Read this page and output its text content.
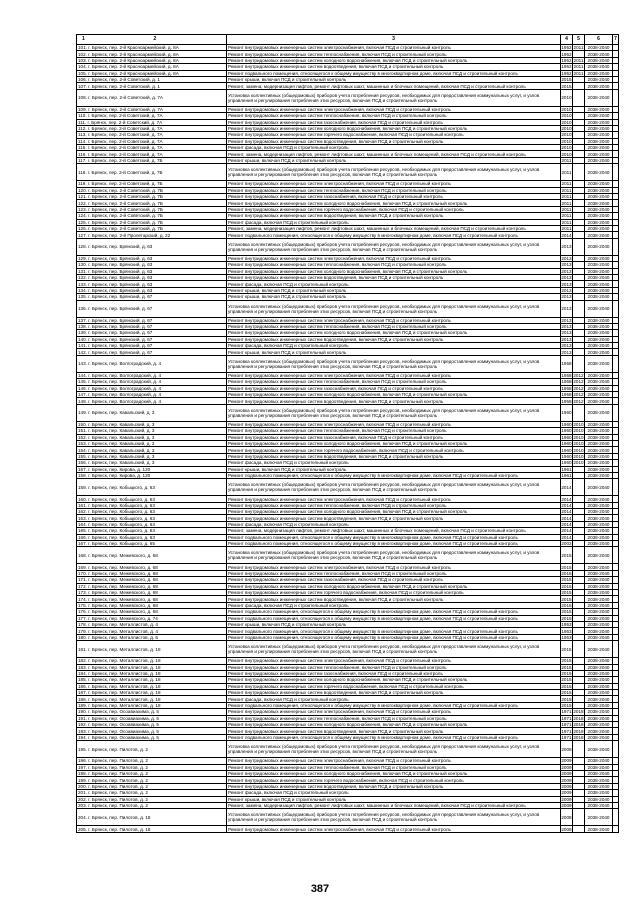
1 2	3	4	5	6	7
101. г. Брянск, пер. 2-й Красноармейский, д. 8А	Ремонт внутридомовых инженерных систем электроснабжения, включая ПСД и строительный контроль	1952	2011	2038-2040	
102. г. Брянск, пер. 2-й Красноармейский, д. 8А	Ремонт внутридомовых инженерных систем теплоснабжения, включая ПСД и строительный контроль	1952		2038-2040	
103. г. Брянск, пер. 2-й Красноармейский, д. 8А	Ремонт внутридомовых инженерных систем холодного водоснабжения, включая ПСД и строительный контроль	1952	2011	2038-2040	
104. г. Брянск, пер. 2-й Красноармейский, д. 8А	Ремонт внутридомовых инженерных систем водоотведения, включая ПСД и строительный контроль	1952	2011	2038-2040	
105. г. Брянск, пер. 2-й Красноармейский, д. 8А	Ремонт подвального помещения, относящегося к общему имуществу в многоквартирном доме, включая ПСД и строительный контроль	1952	2011	2038-2040	
106. г. Брянск, пер. 2-й Советский, д. 1	Ремонт крыши, включая ПСД и строительный контроль	2015		2038-2040	
107. г. Брянск, пер. 2-й Советский, д. 1	Ремонт, замена, модернизация лифтов, ремонт лифтовых шахт, машинных и блочных помещений, включая ПСД и строительный контроль	2015		2038-2040	
108. г. Брянск, пер. 2-й Советский, д. 7А	Установка коллективных (общедомовых) приборов учета потребления ресурсов, необходимых для предоставления коммунальных услуг, и узлов управления и регулирования потребления этих ресурсов, включая ПСД и строительный контроль	2010		2038-2040	
109. г. Брянск, пер. 2-й Советский, д. 7А	Ремонт внутридомовых инженерных систем электроснабжения, включая ПСД и строительный контроль	2010		2038-2040	
110. г. Брянск, пер. 2-й Советский, д. 7А	Ремонт внутридомовых инженерных систем теплоснабжения, включая ПСД и строительный контроль	2010		2038-2040	
111. г. Брянск, пер. 2-й Советский, д. 7А	Ремонт внутридомовых инженерных систем газоснабжения, включая ПСД и строительный контроль	2010		2038-2040	
112. г. Брянск, пер. 2-й Советский, д. 7А	Ремонт внутридомовых инженерных систем холодного водоснабжения, включая ПСД и строительный контроль	2010		2038-2040	
113. г. Брянск, пер. 2-й Советский, д. 7А	Ремонт внутридомовых инженерных систем горячего водоснабжения, включая ПСД и строительный контроль	2010		2038-2040	
114. г. Брянск, пер. 2-й Советский, д. 7А	Ремонт внутридомовых инженерных систем водоотведения, включая ПСД и строительный контроль	2010		2038-2040	
115. г. Брянск, пер. 2-й Советский, д. 7А	Ремонт фасада, включая ПСД и строительный контроль	2010		2038-2040	
116. г. Брянск, пер. 2-й Советский, д. 7А	Ремонт, замена, модернизация лифтов, ремонт лифтовых шахт, машинных и блочных помещений, включая ПСД и строительный контроль	2010		2038-2040	
117. г. Брянск, пер. 2-й Советский, д. 7Б	Ремонт крыши, включая ПСД и строительный контроль	2011		2038-2040	
118. г. Брянск, пер. 2-й Советский, д. 7Б	Установка коллективных (общедомовых) приборов учета потребления ресурсов, необходимых для предоставления коммунальных услуг, и узлов управления и регулирования потребления этих ресурсов, включая ПСД и строительный контроль	2011		2038-2040	
119. г. Брянск, пер. 2-й Советский, д. 7Б	Ремонт внутридомовых инженерных систем электроснабжения, включая ПСД и строительный контроль	2011		2038-2040	
120. г. Брянск, пер. 2-й Советский, д. 7Б	Ремонт внутридомовых инженерных систем теплоснабжения, включая ПСД и строительный контроль	2011		2038-2040	
121. г. Брянск, пер. 2-й Советский, д. 7Б	Ремонт внутридомовых инженерных систем газоснабжения, включая ПСД и строительный контроль	2011		2038-2040	
122. г. Брянск, пер. 2-й Советский, д. 7Б	Ремонт внутридомовых инженерных систем холодного водоснабжения, включая ПСД и строительный контроль	2011		2038-2040	
123. г. Брянск, пер. 2-й Советский, д. 7Б	Ремонт внутридомовых инженерных систем горячего водоснабжения, включая ПСД и строительный контроль	2011		2038-2040	
124. г. Брянск, пер. 2-й Советский, д. 7Б	Ремонт внутридомовых инженерных систем водоотведения, включая ПСД и строительный контроль	2011		2038-2040	
125. г. Брянск, пер. 2-й Советский, д. 7Б	Ремонт фасада, включая ПСД и строительный контроль	2011		2038-2040	
126. г. Брянск, пер. 2-й Советский, д. 7Б	Ремонт, замена, модернизация лифтов, ремонт лифтовых шахт, машинных и блочных помещений, включая ПСД и строительный контроль	2011		2038-2040	
127. г. Брянск, пер. 2-й Пролетарский, д. 22	Ремонт подвального помещения, относящегося к общему имуществу в многоквартирном доме, включая ПСД и строительный контроль	2014		2038-2040	
128. г. Брянск, пер. Брянский, д. 63	Установка коллективных (общедомовых) приборов учета потребления ресурсов, необходимых для предоставления коммунальных услуг, и узлов управления и регулирования потребления этих ресурсов, включая ПСД и строительный контроль	2013		2038-2040	
129. г. Брянск, пер. Брянский, д. 63	Ремонт внутридомовых инженерных систем электроснабжения, включая ПСД и строительный контроль	2013		2038-2040	
130. г. Брянск, пер. Брянский, д. 63	Ремонт внутридомовых инженерных систем теплоснабжения, включая ПСД и строительный контроль	2013		2038-2040	
131. г. Брянск, пер. Брянский, д. 63	Ремонт внутридомовых инженерных систем холодного водоснабжения, включая ПСД и строительный контроль	2013		2038-2040	
132. г. Брянск, пер. Брянский, д. 63	Ремонт внутридомовых инженерных систем водоотведения, включая ПСД и строительный контроль	2013		2038-2040	
133. г. Брянск, пер. Брянский, д. 63	Ремонт фасада, включая ПСД и строительный контроль	2013		2038-2040	
134. г. Брянск, пер. Брянский, д. 63	Ремонт крыши, включая ПСД и строительный контроль	2013		2038-2040	
135. г. Брянск, пер. Брянский, д. 67	Ремонт крыши, включая ПСД и строительный контроль	2013		2038-2040	
136. г. Брянск, пер. Брянский, д. 67	Установка коллективных (общедомовых) приборов учета потребления ресурсов, необходимых для предоставления коммунальных услуг, и узлов управления и регулирования потребления этих ресурсов, включая ПСД и строительный контроль	2013		2038-2040	
137. г. Брянск, пер. Брянский, д. 67	Ремонт внутридомовых инженерных систем электроснабжения, включая ПСД и строительный контроль	2013		2038-2040	
138. г. Брянск, пер. Брянский, д. 67	Ремонт внутридомовых инженерных систем теплоснабжения, включая ПСД и строительный контроль	2013		2038-2040	
139. г. Брянск, пер. Брянский, д. 67	Ремонт внутридомовых инженерных систем холодного водоснабжения, включая ПСД и строительный контроль	2013		2038-2040	
140. г. Брянск, пер. Брянский, д. 67	Ремонт внутридомовых инженерных систем водоотведения, включая ПСД и строительный контроль	2013		2038-2040	
141. г. Брянск, пер. Брянский, д. 67	Ремонт фасада, включая ПСД и строительный контроль	2013		2038-2040	
142. г. Брянск, пер. Брянский, д. 67	Ремонт крыши, включая ПСД и строительный контроль	2013		2038-2040	
143. г. Брянск, пер. Волгоградский, д. 4	Установка коллективных (общедомовых) приборов учета потребления ресурсов, необходимых для предоставления коммунальных услуг, и узлов управления и регулирования потребления этих ресурсов, включая ПСД и строительный контроль	1958		2038-2040	
144. г. Брянск, пер. Волгоградский, д. 4	Ремонт внутридомовых инженерных систем электроснабжения, включая ПСД и строительный контроль	1958	2012	2038-2040	
145. г. Брянск, пер. Волгоградский, д. 4	Ремонт внутридомовых инженерных систем теплоснабжения, включая ПСД и строительный контроль	1958	2012	2038-2040	
146. г. Брянск, пер. Волгоградский, д. 4	Ремонт внутридомовых инженерных систем газоснабжения, включая ПСД и строительный контроль	1958	2012	2038-2040	
147. г. Брянск, пер. Волгоградский, д. 4	Ремонт внутридомовых инженерных систем холодного водоснабжения, включая ПСД и строительный контроль	1958	2012	2038-2040	
148. г. Брянск, пер. Волгоградский, д. 4	Ремонт внутридомовых инженерных систем водоотведения, включая ПСД и строительный контроль	1958	2012	2038-2040	
149. г. Брянск, пер. Кавальский, д. 3	Установка коллективных (общедомовых) приборов учета потребления ресурсов, необходимых для предоставления коммунальных услуг, и узлов управления и регулирования потребления этих ресурсов, включая ПСД и строительный контроль	1960		2038-2040	
150. г. Брянск, пер. Кавальский, д. 3	Ремонт внутридомовых инженерных систем электроснабжения, включая ПСД и строительный контроль	1960	2010	2038-2040	
151. г. Брянск, пер. Кавальский, д. 3	Ремонт внутридомовых инженерных систем теплоснабжения, включая ПСД и строительный контроль	1960	2010	2038-2040	
152. г. Брянск, пер. Кавальский, д. 3	Ремонт внутридомовых инженерных систем газоснабжения, включая ПСД и строительный контроль	1960	2010	2038-2040	
153. г. Брянск, пер. Кавальский, д. 3	Ремонт внутридомовых инженерных систем холодного водоснабжения, включая ПСД и строительный контроль	1960	2010	2038-2040	
154. г. Брянск, пер. Кавальский, д. 3	Ремонт внутридомовых инженерных систем горячего водоснабжения, включая ПСД и строительный контроль	1960	2010	2038-2040	
155. г. Брянск, пер. Кавальский, д. 3	Ремонт внутридомовых инженерных систем водоотведения, включая ПСД и строительный контроль	1960	2010	2038-2040	
156. г. Брянск, пер. Кавальский, д. 3	Ремонт фасада, включая ПСД и строительный контроль	1960	2010	2038-2040	
157. г. Брянск, пер. Кирова, д. 120	Ремонт крыши, включая ПСД и строительный контроль	1961		2038-2040	
158. г. Брянск, пер. Кирова, д. 120	Ремонт подвального помещения, относящегося к общему имуществу в многоквартирном доме, включая ПСД и строительный контроль	1961		2038-2040	
159. г. Брянск, пер. Кобыцкого, д. 63	Установка коллективных (общедомовых) приборов учета потребления ресурсов, необходимых для предоставления коммунальных услуг, и узлов управления и регулирования потребления этих ресурсов, включая ПСД и строительный контроль	2014		2038-2040	
160. г. Брянск, пер. Кобыцкого, д. 63	Ремонт внутридомовых инженерных систем электроснабжения, включая ПСД и строительный контроль	2014		2038-2040	
161. г. Брянск, пер. Кобыцкого, д. 63	Ремонт внутридомовых инженерных систем теплоснабжения, включая ПСД и строительный контроль	2014		2038-2040	
162. г. Брянск, пер. Кобыцкого, д. 63	Ремонт внутридомовых инженерных систем холодного водоснабжения, включая ПСД и строительный контроль	2014		2038-2040	
163. г. Брянск, пер. Кобыцкого, д. 63	Ремонт внутридомовых инженерных систем водоотведения, включая ПСД и строительный контроль	2014		2038-2040	
164. г. Брянск, пер. Кобыцкого, д. 63	Ремонт фасада, включая ПСД и строительный контроль	2014		2038-2040	
165. г. Брянск, пер. Кобыцкого, д. 63	Ремонт, замена, модернизация лифтов, ремонт лифтовых шахт, машинных и блочных помещений, включая ПСД и строительный контроль	2014		2038-2040	
166. г. Брянск, пер. Кобыцкого, д. 63	Ремонт подвального помещения, относящегося к общему имуществу в многоквартирном доме, включая ПСД и строительный контроль	2014		2038-2040	
167. г. Брянск, пер. Кобыцкого, д. 65	Ремонт подвального помещения, относящегося к общему имуществу в многоквартирном доме, включая ПСД и строительный контроль	2002		2038-2040	
168. г. Брянск, пер. Межевского, д. 68	Установка коллективных (общедомовых) приборов учета потребления ресурсов, необходимых для предоставления коммунальных услуг, и узлов управления и регулирования потребления этих ресурсов, включая ПСД и строительный контроль	2015		2038-2040	
169. г. Брянск, пер. Межевского, д. 68	Ремонт внутридомовых инженерных систем электроснабжения, включая ПСД и строительный контроль	2015		2038-2040	
170. г. Брянск, пер. Межевского, д. 68	Ремонт внутридомовых инженерных систем теплоснабжения, включая ПСД и строительный контроль	2015		2038-2040	
171. г. Брянск, пер. Межевского, д. 68	Ремонт внутридомовых инженерных систем газоснабжения, включая ПСД и строительный контроль	2015		2038-2040	
172. г. Брянск, пер. Межевского, д. 68	Ремонт внутридомовых инженерных систем холодного водоснабжения, включая ПСД и строительный контроль	2015		2038-2040	
173. г. Брянск, пер. Межевского, д. 68	Ремонт внутридомовых инженерных систем горячего водоснабжения, включая ПСД и строительный контроль	2015		2038-2040	
174. г. Брянск, пер. Межевского, д. 68	Ремонт внутридомовых инженерных систем водоотведения, включая ПСД и строительный контроль	2015		2038-2040	
175. г. Брянск, пер. Межевского, д. 68	Ремонт фасада, включая ПСД и строительный контроль	2015		2038-2040	
176. г. Брянск, пер. Межевского, д. 68	Ремонт подвального помещения, относящегося к общему имуществу в многоквартирном доме, включая ПСД и строительный контроль	2015		2038-2040	
177. г. Брянск, пер. Межевского, д. 74	Ремонт подвального помещения, относящегося к общему имуществу в многоквартирном доме, включая ПСД и строительный контроль	2015		2038-2040	
178. г. Брянск, пер. Металлистов, д. 4	Ремонт крыши, включая ПСД и строительный контроль	1953		2038-2040	
179. г. Брянск, пер. Металлистов, д. 4	Ремонт подвального помещения, относящегося к общему имуществу в многоквартирном доме, включая ПСД и строительный контроль	1953		2038-2040	
180. г. Брянск, пер. Металлистов, д. 6	Ремонт подвального помещения, относящегося к общему имуществу в многоквартирном доме, включая ПСД и строительный контроль	1953		2038-2040	
181. г. Брянск, пер. Металлистов, д. 18	Установка коллективных (общедомовых) приборов учета потребления ресурсов, необходимых для предоставления коммунальных услуг, и узлов управления и регулирования потребления этих ресурсов, включая ПСД и строительный контроль	2015		2038-2040	
182. г. Брянск, пер. Металлистов, д. 18	Ремонт внутридомовых инженерных систем электроснабжения, включая ПСД и строительный контроль	2015		2038-2040	
183. г. Брянск, пер. Металлистов, д. 18	Ремонт внутридомовых инженерных систем теплоснабжения, включая ПСД и строительный контроль	2015		2038-2040	
184. г. Брянск, пер. Металлистов, д. 18	Ремонт внутридомовых инженерных систем газоснабжения, включая ПСД и строительный контроль	2015		2038-2040	
185. г. Брянск, пер. Металлистов, д. 18	Ремонт внутридомовых инженерных систем холодного водоснабжения, включая ПСД и строительный контроль	2015		2038-2040	
186. г. Брянск, пер. Металлистов, д. 18	Ремонт внутридомовых инженерных систем горячего водоснабжения, включая ПСД и строительный контроль	2015		2038-2040	
187. г. Брянск, пер. Металлистов, д. 18	Ремонт внутридомовых инженерных систем водоотведения, включая ПСД и строительный контроль	2015		2038-2040	
188. г. Брянск, пер. Металлистов, д. 18	Ремонт фасада, включая ПСД и строительный контроль	2015		2038-2040	
189. г. Брянск, пер. Металлистов, д. 18	Ремонт подвального помещения, относящегося к общему имуществу в многоквартирном доме, включая ПСД и строительный контроль	2015		2038-2040	
190. г. Брянск, пер. Осоавиахима, д. 5	Ремонт внутридомовых инженерных систем электроснабжения, включая ПСД и строительный контроль	1971	2018	2038-2040	
191. г. Брянск, пер. Осоавиахима, д. 5	Ремонт внутридомовых инженерных систем теплоснабжения, включая ПСД и строительный контроль	1971	2018	2038-2040	
192. г. Брянск, пер. Осоавиахима, д. 5	Ремонт внутридомовых инженерных систем холодного водоснабжения, включая ПСД и строительный контроль	1971	2018	2038-2040	
193. г. Брянск, пер. Осоавиахима, д. 5	Ремонт внутридомовых инженерных систем водоотведения, включая ПСД и строительный контроль	1971	2018	2038-2040	
194. г. Брянск, пер. Осоавиахима, д. 5	Ремонт подвального помещения, относящегося к общему имуществу в многоквартирном доме, включая ПСД и строительный контроль	1971	2018	2038-2040	
195. г. Брянск, пер. Пилотов, д. 2	Установка коллективных (общедомовых) приборов учета потребления ресурсов, необходимых для предоставления коммунальных услуг, и узлов управления и регулирования потребления этих ресурсов, включая ПСД и строительный контроль	2009		2038-2040	
196. г. Брянск, пер. Пилотов, д. 2	Ремонт внутридомовых инженерных систем электроснабжения, включая ПСД и строительный контроль	2009		2038-2040	
197. г. Брянск, пер. Пилотов, д. 2	Ремонт внутридомовых инженерных систем теплоснабжения, включая ПСД и строительный контроль	2009		2038-2040	
198. г. Брянск, пер. Пилотов, д. 2	Ремонт внутридомовых инженерных систем холодного водоснабжения, включая ПСД и строительный контроль	2009		2038-2040	
199. г. Брянск, пер. Пилотов, д. 2	Ремонт внутридомовых инженерных систем горячего водоснабжения, включая ПСД и строительный контроль	2009		2038-2040	
200. г. Брянск, пер. Пилотов, д. 2	Ремонт внутридомовых инженерных систем водоотведения, включая ПСД и строительный контроль	2009		2038-2040	
201. г. Брянск, пер. Пилотов, д. 2	Ремонт фасада, включая ПСД и строительный контроль	2009		2038-2040	
202. г. Брянск, пер. Пилотов, д. 2	Ремонт крыши, включая ПСД и строительный контроль	2009		2038-2040	
203. г. Брянск, пер. Пилотов, д. 2	Ремонт, замена, модернизация лифтов, ремонт лифтовых шахт, машинных и блочных помещений, включая ПСД и строительный контроль	2009		2038-2040	
204. г. Брянск, пер. Пилотов, д. 18	Установка коллективных (общедомовых) приборов учета потребления ресурсов, необходимых для предоставления коммунальных услуг, и узлов управления и регулирования потребления этих ресурсов, включая ПСД и строительный контроль	2008		2038-2040	
205. г. Брянск, пер. Пилотов, д. 18	Ремонт внутридомовых инженерных систем электроснабжения, включая ПСД и строительный контроль	2008		2038-2040	
387
